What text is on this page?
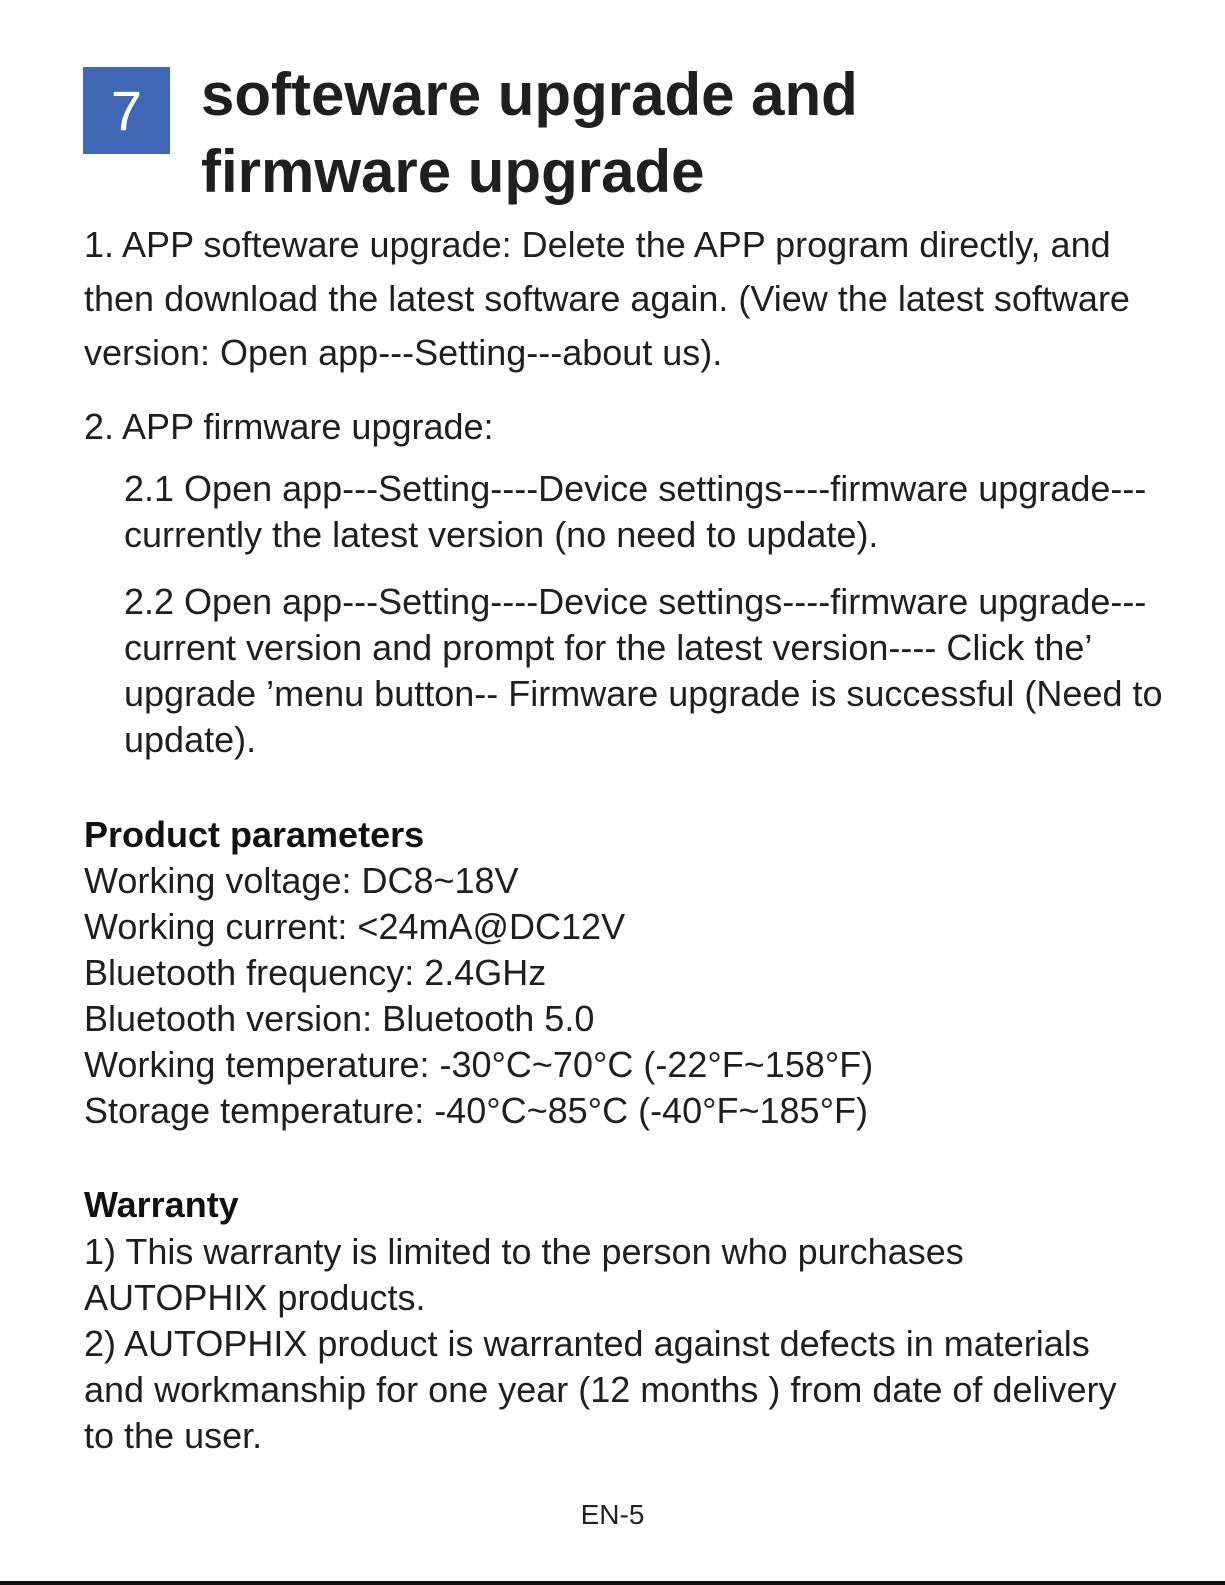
7 softeware upgrade and firmware upgrade

1. APP softeware upgrade: Delete the APP program directly, and then download the latest software again. (View the latest software version: Open app---Setting---about us).

2. APP firmware upgrade:

2.1 Open app---Setting----Device settings----firmware upgrade---currently the latest version (no need to update).

2.2 Open app---Setting----Device settings----firmware upgrade---current version and prompt for the latest version---- Click the’ upgrade ’menu button-- Firmware upgrade is successful (Need to update).

Product parameters
Working voltage: DC8~18V
Working current: <24mA@DC12V
Bluetooth frequency: 2.4GHz
Bluetooth version: Bluetooth 5.0
Working temperature: -30°C~70°C (-22°F~158°F)
Storage temperature: -40°C~85°C (-40°F~185°F)
Warranty
1) This warranty is limited to the person who purchases AUTOPHIX products.
2) AUTOPHIX product is warranted against defects in materials and workmanship for one year (12 months ) from date of delivery to the user.
EN-5
